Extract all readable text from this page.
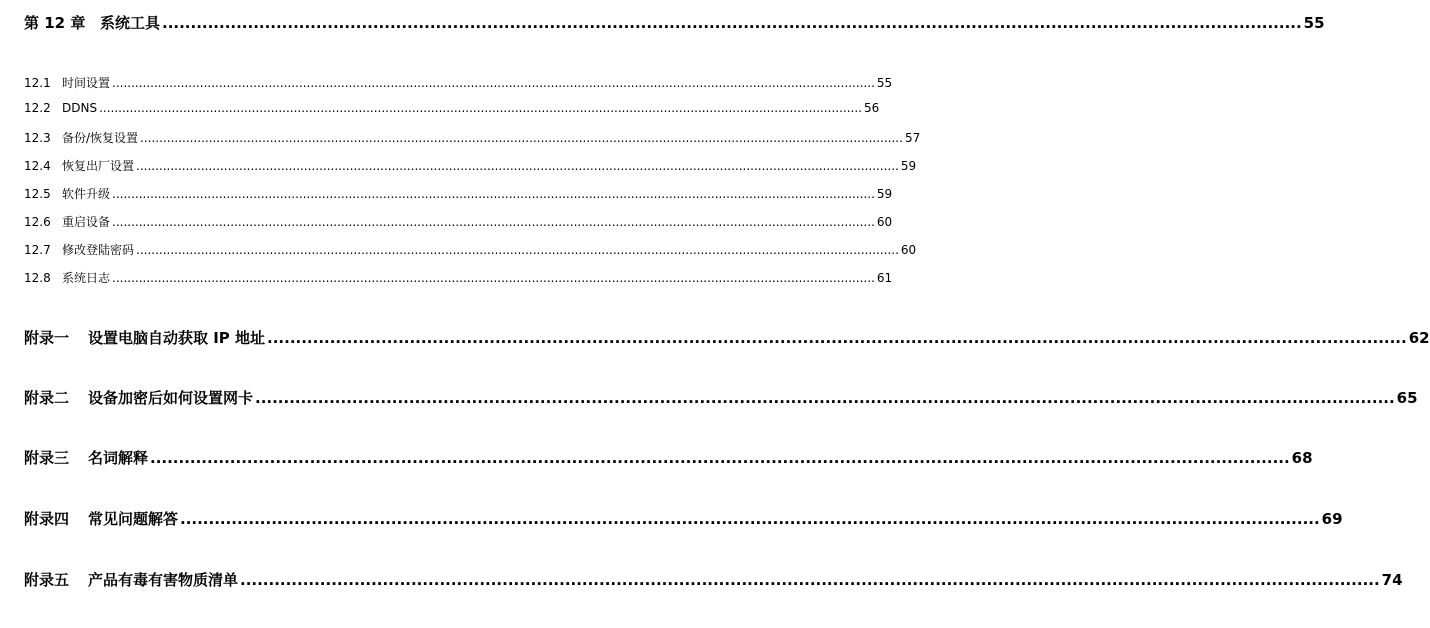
第 12 章 系统工具 ........................................................................................................................................................................................................ 55
12.1 时间设置 ........................................................................................................................................................................................................ 55
12.2 DDNS ........................................................................................................................................................................................................ 56
12.3 备份/恢复设置 ........................................................................................................................................................................................................ 57
12.4 恢复出厂设置 ........................................................................................................................................................................................................ 59
12.5 软件升级 ........................................................................................................................................................................................................ 59
12.6 重启设备 ........................................................................................................................................................................................................ 60
12.7 修改登陆密码 ........................................................................................................................................................................................................ 60
12.8 系统日志 ........................................................................................................................................................................................................ 61
附录一 设置电脑自动获取 IP 地址 ........................................................................................................................................................................................................ 62
附录二 设备加密后如何设置网卡 ........................................................................................................................................................................................................ 65
附录三 名词解释 ........................................................................................................................................................................................................ 68
附录四 常见问题解答 ........................................................................................................................................................................................................ 69
附录五 产品有毒有害物质清单 ........................................................................................................................................................................................................ 74
